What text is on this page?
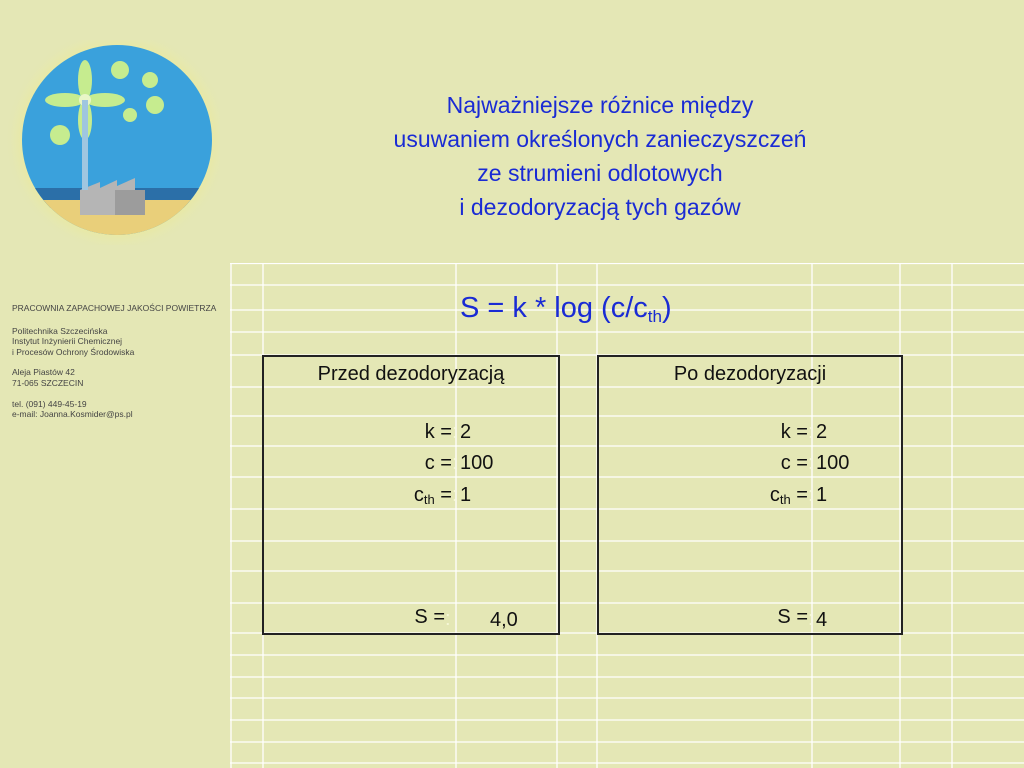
Najważniejsze różnice między
usuwaniem określonych zanieczyszczeń
ze strumieni odlotowych
i dezodoryzacją tych gazów
PRACOWNIA ZAPACHOWEJ JAKOŚCI POWIETRZA
Politechnika Szczecińska
Instytut Inżynierii Chemicznej
i Procesów Ochrony Środowiska
Aleja Piastów 42
71-065 SZCZECIN
tel. (091) 449-45-19
e-mail: Joanna.Kosmider@ps.pl
$S = k * \log (c/c_{th})$
Przed dezodoryzacją
k = : 2
c = : 100
$c_{th}$ = : 1
S = : 4,0
Po dezodoryzacji
k = : 2
c = : 100
$c_{th}$ = : 1
S = : 4
